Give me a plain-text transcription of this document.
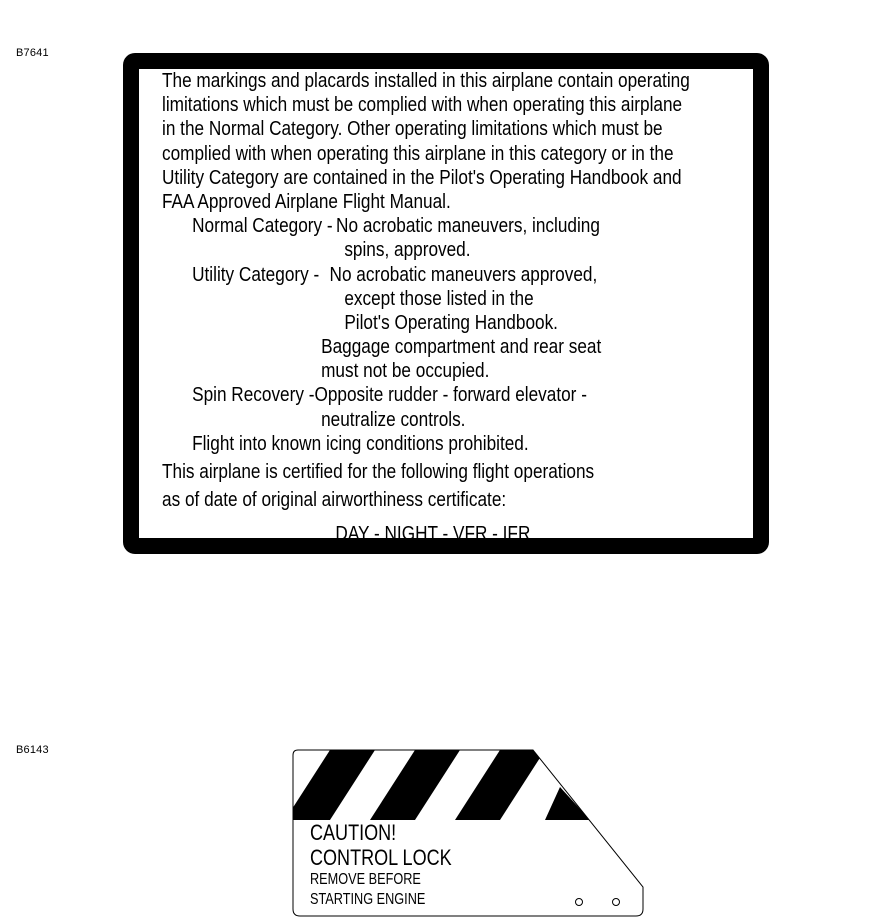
B7641
B6143
The markings and placards installed in this airplane contain operating
limitations which must be complied with when operating this airplane
in the Normal Category. Other operating limitations which must be
complied with when operating this airplane in this category or in the
Utility Category are contained in the Pilot's Operating Handbook and
FAA Approved Airplane Flight Manual.
Normal Category - No acrobatic maneuvers, including
spins, approved.
Utility Category - No acrobatic maneuvers approved,
except those listed in the
Pilot's Operating Handbook.
Baggage compartment and rear seat
must not be occupied.
Spin Recovery - Opposite rudder - forward elevator -
neutralize controls.
Flight into known icing conditions prohibited.
This airplane is certified for the following flight operations
as of date of original airworthiness certificate:
DAY - NIGHT - VFR - IFR
CAUTION!
CONTROL LOCK
REMOVE BEFORE
STARTING ENGINE
